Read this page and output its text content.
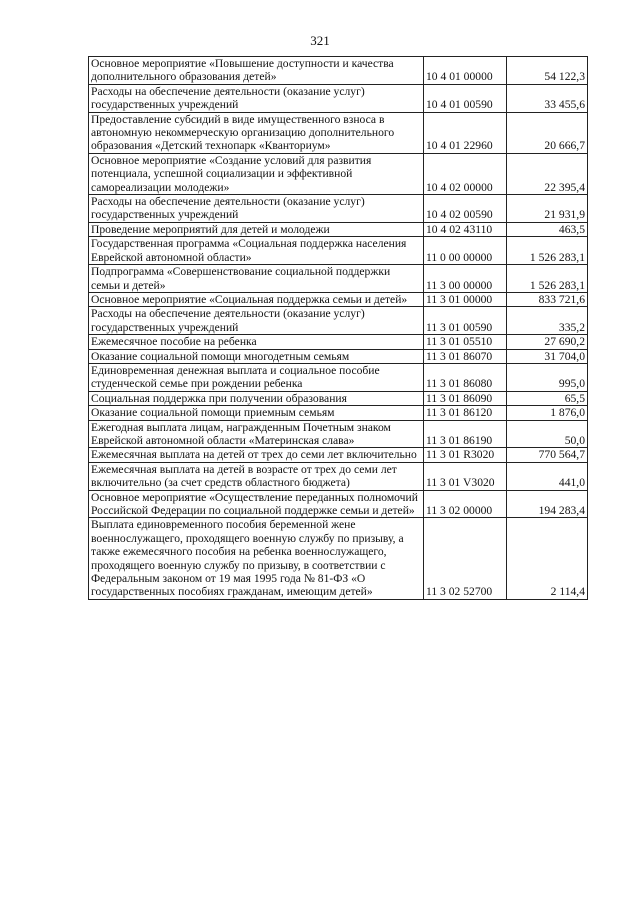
321
Основное мероприятие «Повышение доступности и качества дополнительного образования детей»	10 4 01 00000	54 122,3
Расходы на обеспечение деятельности (оказание услуг) государственных учреждений	10 4 01 00590	33 455,6
Предоставление субсидий в виде имущественного взноса в автономную некоммерческую организацию дополнительного образования «Детский технопарк «Кванториум»	10 4 01 22960	20 666,7
Основное мероприятие «Создание условий для развития потенциала, успешной социализации и эффективной самореализации молодежи»	10 4 02 00000	22 395,4
Расходы на обеспечение деятельности (оказание услуг) государственных учреждений	10 4 02 00590	21 931,9
Проведение мероприятий для детей и молодежи	10 4 02 43110	463,5
Государственная программа «Социальная поддержка населения Еврейской автономной области»	11 0 00 00000	1 526 283,1
Подпрограмма «Совершенствование социальной поддержки семьи и детей»	11 3 00 00000	1 526 283,1
Основное мероприятие «Социальная поддержка семьи и детей»	11 3 01 00000	833 721,6
Расходы на обеспечение деятельности (оказание услуг) государственных учреждений	11 3 01 00590	335,2
Ежемесячное пособие на ребенка	11 3 01 05510	27 690,2
Оказание социальной помощи многодетным семьям	11 3 01 86070	31 704,0
Единовременная денежная выплата и социальное пособие студенческой семье при рождении ребенка	11 3 01 86080	995,0
Социальная поддержка при получении образования	11 3 01 86090	65,5
Оказание социальной помощи приемным семьям	11 3 01 86120	1 876,0
Ежегодная выплата лицам, награжденным Почетным знаком Еврейской автономной области «Материнская слава»	11 3 01 86190	50,0
Ежемесячная выплата на детей от трех до семи лет включительно	11 3 01 R3020	770 564,7
Ежемесячная выплата на детей в возрасте от трех до семи лет включительно (за счет средств областного бюджета)	11 3 01 V3020	441,0
Основное мероприятие «Осуществление переданных полномочий Российской Федерации по социальной поддержке семьи и детей»	11 3 02 00000	194 283,4
Выплата единовременного пособия беременной жене военнослужащего, проходящего военную службу по призыву, а также ежемесячного пособия на ребенка военнослужащего, проходящего военную службу по призыву, в соответствии с Федеральным законом от 19 мая 1995 года № 81-ФЗ «О государственных пособиях гражданам, имеющим детей»	11 3 02 52700	2 114,4
